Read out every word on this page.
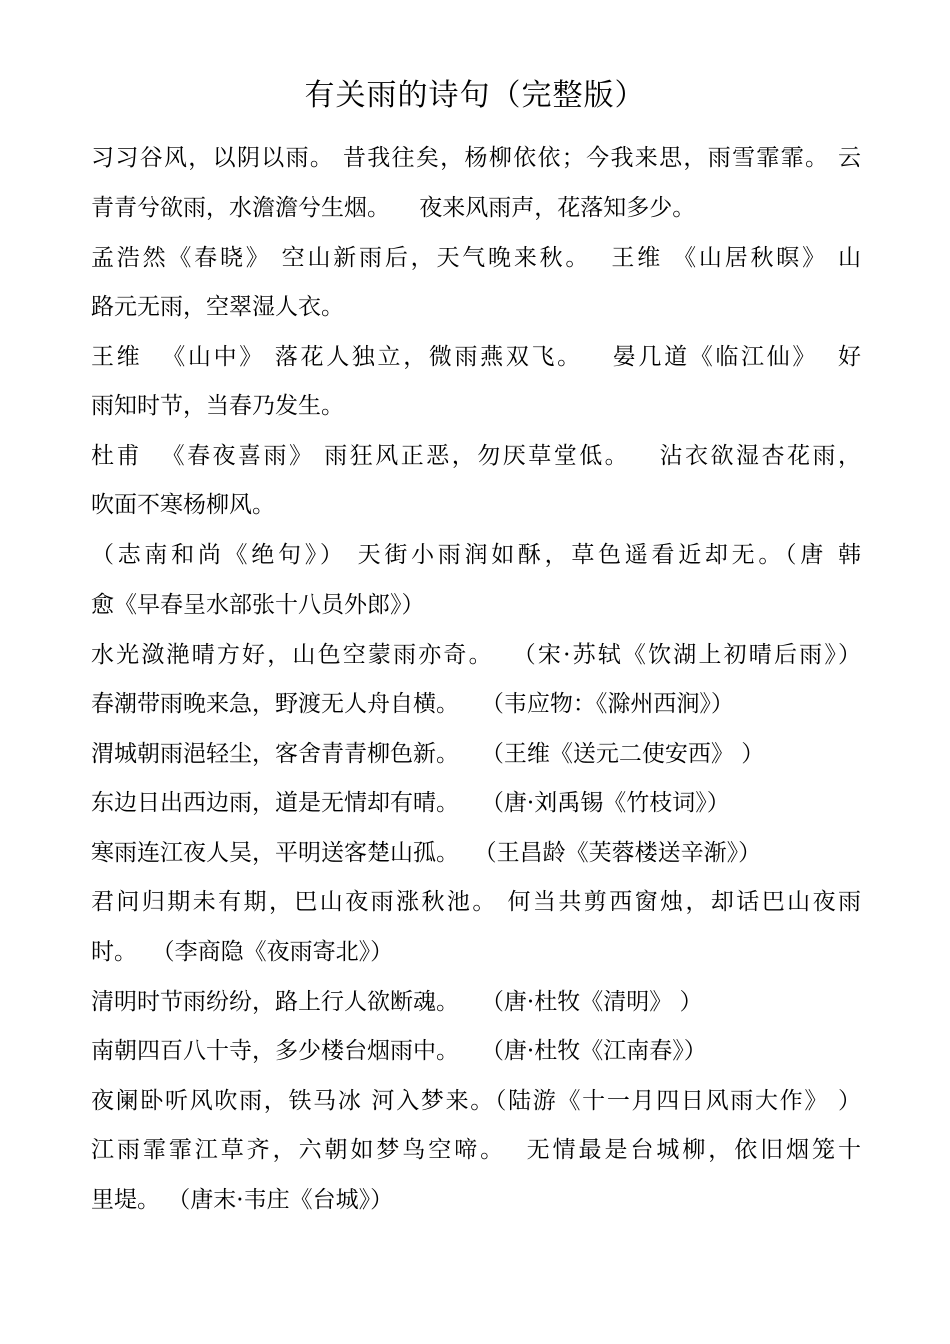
有关雨的诗句（完整版）
习习谷风，以阴以雨。 昔我往矣，杨柳依依；今我来思，雨雪霏霏。 云
青青兮欲雨，水澹澹兮生烟。    夜来风雨声，花落知多少。
孟浩然《春晓》 空山新雨后，天气晚来秋。  王维 《山居秋暝》 山
路元无雨，空翠湿人衣。
王维  《山中》 落花人独立，微雨燕双飞。   晏几道《临江仙》  好
雨知时节，当春乃发生。
杜甫  《春夜喜雨》 雨狂风正恶，勿厌草堂低。   沾衣欲湿杏花雨，
吹面不寒杨柳风。
（志南和尚《绝句》） 天街小雨润如酥，草色遥看近却无。（唐 韩
愈《早春呈水部张十八员外郎》）
水光潋滟晴方好，山色空蒙雨亦奇。  （宋·苏轼《饮湖上初晴后雨》）
春潮带雨晚来急，野渡无人舟自横。   （韦应物：《滁州西涧》）
渭城朝雨浥轻尘，客舍青青柳色新。   （王维《送元二使安西》 ）
东边日出西边雨，道是无情却有晴。   （唐·刘禹锡《竹枝词》）
寒雨连江夜人吴，平明送客楚山孤。  （王昌龄《芙蓉楼送辛渐》）
君问归期未有期，巴山夜雨涨秋池。 何当共剪西窗烛，却话巴山夜雨
时。  （李商隐《夜雨寄北》）
清明时节雨纷纷，路上行人欲断魂。   （唐·杜牧《清明》 ）
南朝四百八十寺，多少楼台烟雨中。   （唐·杜牧《江南春》）
夜阑卧听风吹雨，铁马冰 河入梦来。（陆游《十一月四日风雨大作》 ）
江雨霏霏江草齐，六朝如梦鸟空啼。  无情最是台城柳，依旧烟笼十
里堤。 （唐末·韦庄《台城》）
